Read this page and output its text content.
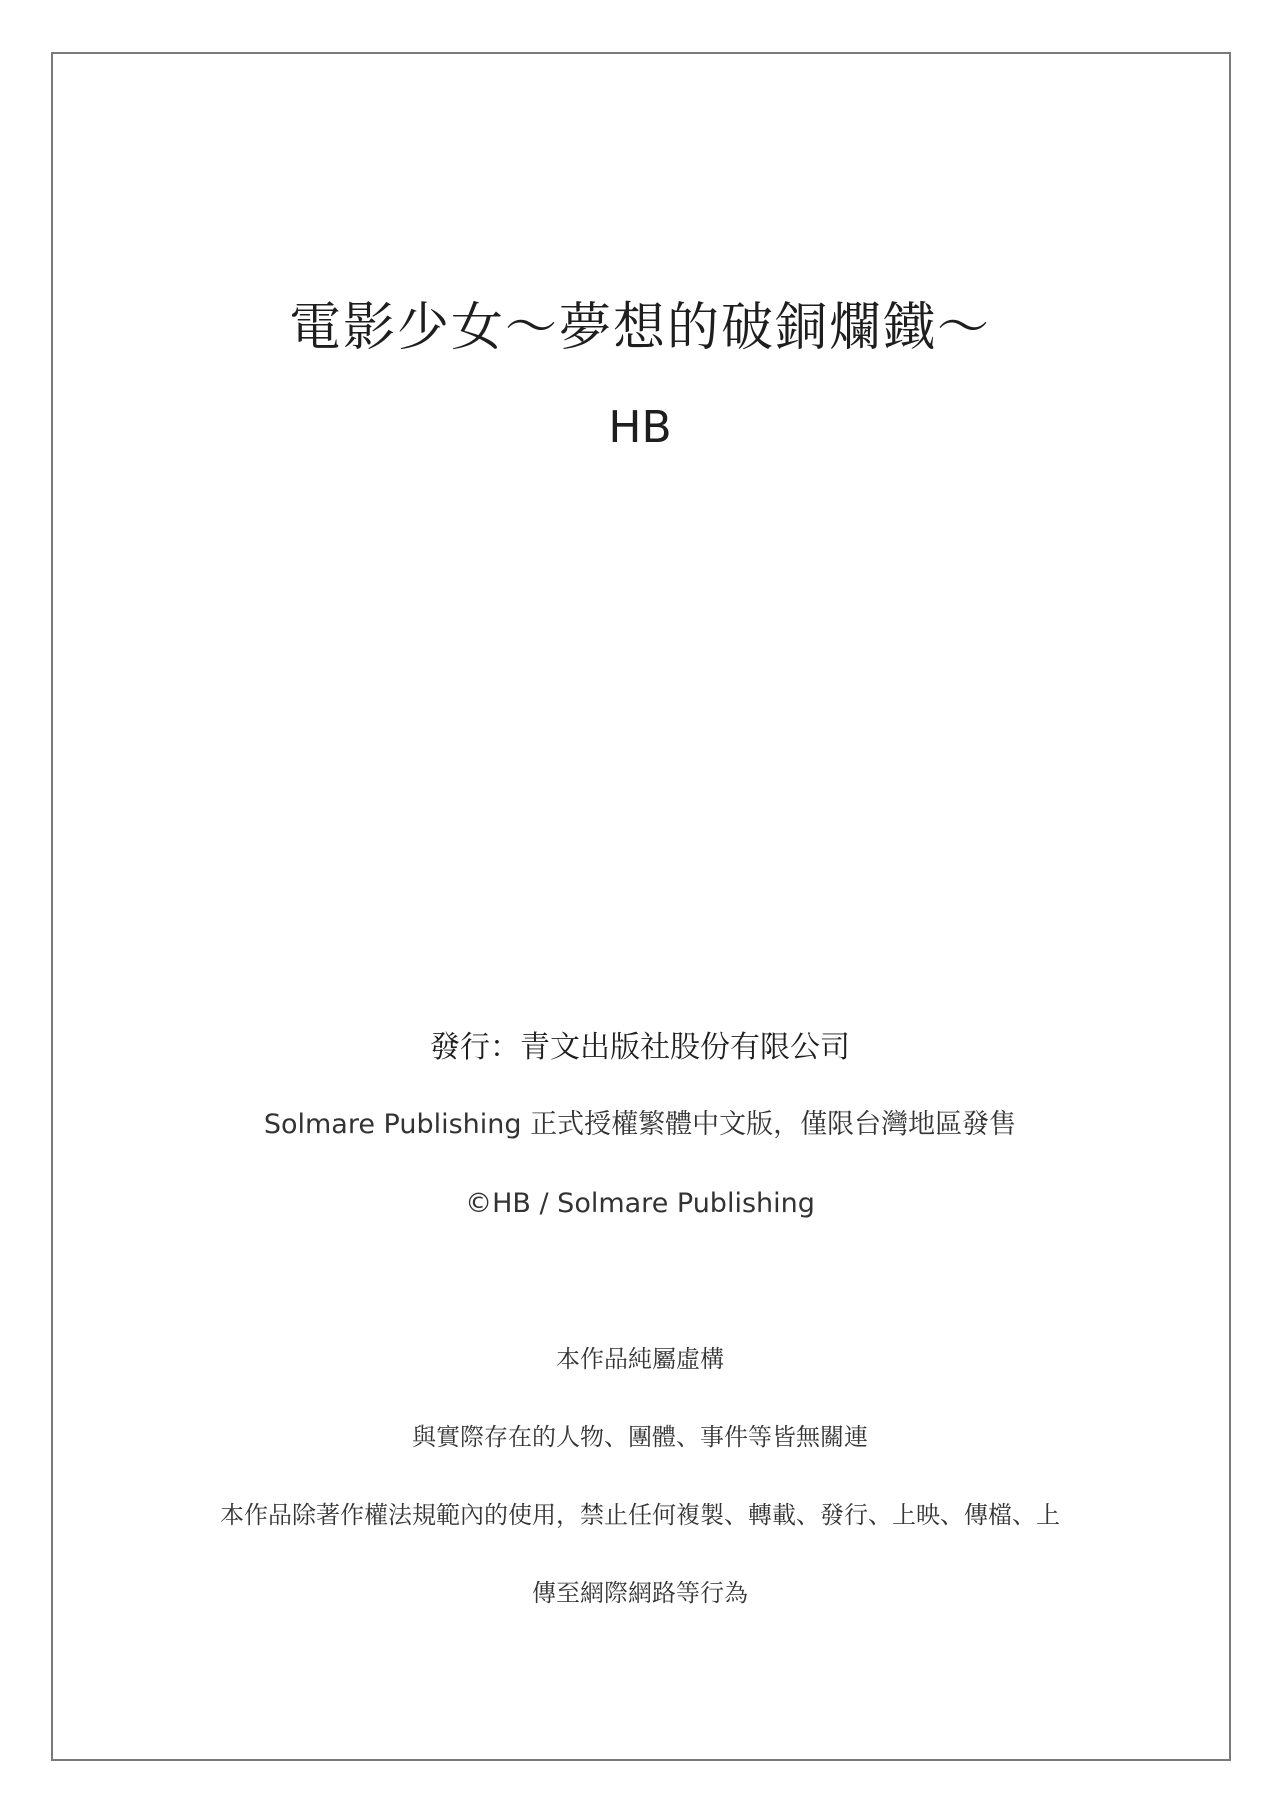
電影少女～夢想的破銅爛鐵～
HB
發行：青文出版社股份有限公司
Solmare Publishing 正式授權繁體中文版，僅限台灣地區發售
©HB / Solmare Publishing
本作品純屬虛構
與實際存在的人物、團體、事件等皆無關連
本作品除著作權法規範內的使用，禁止任何複製、轉載、發行、上映、傳檔、上
傳至網際網路等行為
